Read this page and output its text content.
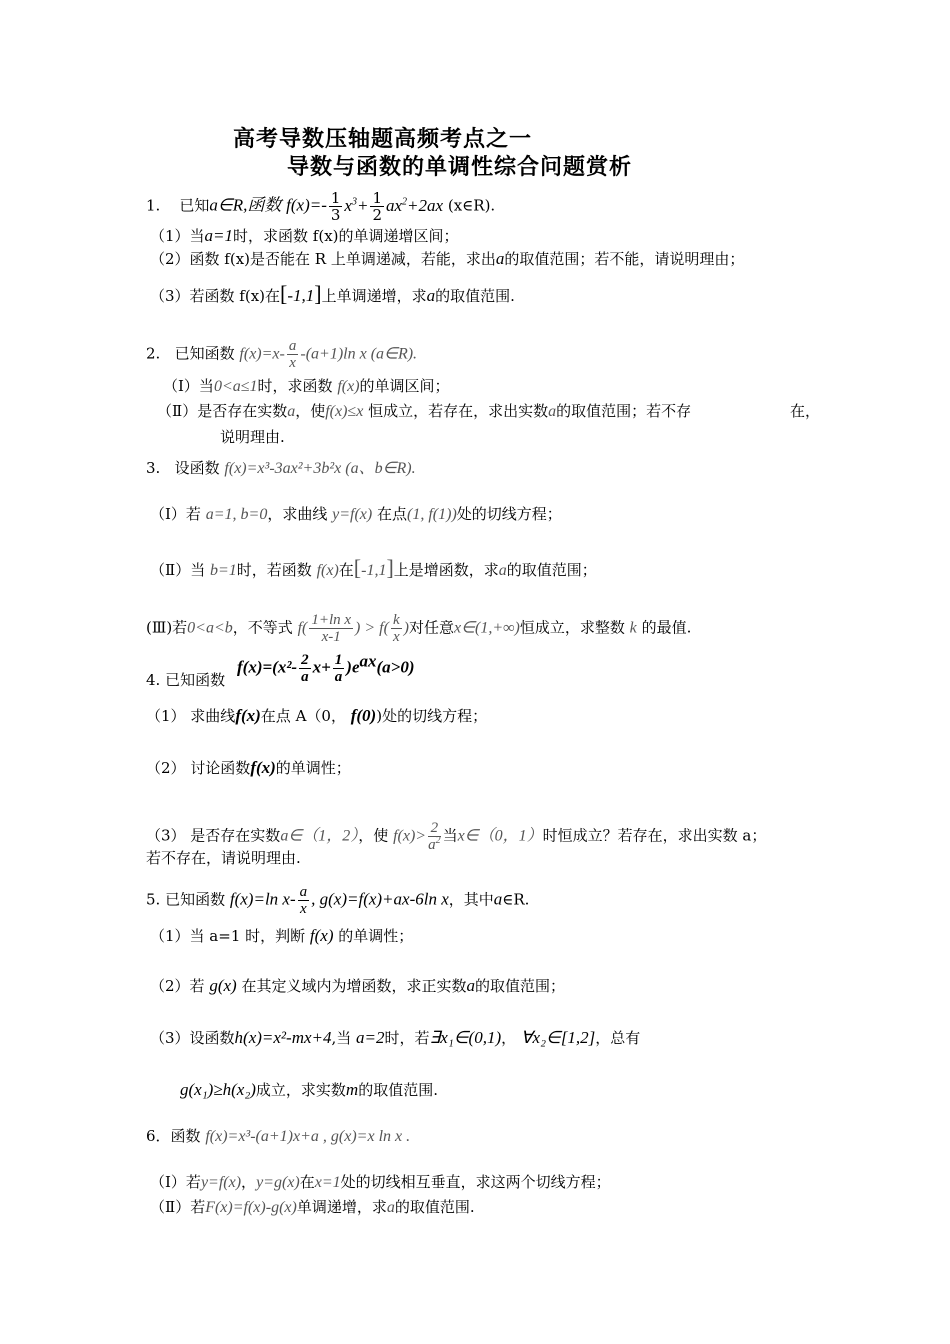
高考导数压轴题高频考点之一
导数与函数的单调性综合问题赏析
1. 已知a∈R,函数 $f(x)=- \frac{1}{3} x^3+ \frac{1}{2} ax^2+2ax$ (x∈R).
（1）当a=1时，求函数 f(x)的单调递增区间；
（2）函数 f(x)是否能在 R 上单调递减，若能，求出a的取值范围；若不能，请说明理由；
（3）若函数 f(x)在[-1,1]上单调递增，求a的取值范围.
2. 已知函数 $f(x)=x- \frac{a}{x} -(a+1)\ln$ x (a∈R).
（Ⅰ）当0<a≤1时，求函数 f(x)的单调区间；
（Ⅱ）是否存在实数a，使f(x)≤x 恒成立，若存在，求出实数a的取值范围；若不存	在，
说明理由.
3. 设函数 f(x)=x³-3ax²+3b²x (a、b∈R).
（Ⅰ）若 a=1, b=0，求曲线 y=f(x) 在点(1, f(1))处的切线方程；
（Ⅱ）当 b=1时，若函数 f(x)在[-1,1]上是增函数，求a的取值范围；
(Ⅲ)若0<a<b，不等式 $f( \frac{\text{1+ln x}}{x-1}$ ) > $f( \frac{k}{x}$ )对任意x∈(1,+∞)恒成立，求整数 k 的最值.
$f(x)=(x^2- \frac{2}{a} x+ \frac{1}{a} )e^{ax}(a>0)$
4. 已知函数
（1） 求曲线f(x)在点 A（0， f(0))处的切线方程；
（2） 讨论函数f(x)的单调性；
（3） 是否存在实数a∈（1，2），使 $f(x)> \frac{2}{a^2}$ 当x∈（0，1）时恒成立？若存在，求出实数 a；
若不存在，请说明理由.
5. 已知函数 f(x)=ln $x- \frac{a}{x}$ , g(x)=f(x)+ax-6ln x，其中a∈R.
（1）当 a=1 时，判断 f(x) 的单调性；
（2）若 g(x) 在其定义域内为增函数，求正实数a的取值范围；
（3）设函数h(x)=x²-mx+4,当 a=2时，若∃x₁∈(0,1)， ∀x₂∈[1,2]，总有
g(x₁)≥h(x₂)成立，求实数m的取值范围.
6．函数 f(x)=x³-(a+1)x+a , g(x)=x ln x .
（Ⅰ）若y=f(x)，y=g(x)在x=1处的切线相互垂直，求这两个切线方程；
（Ⅱ）若F(x)=f(x)-g(x)单调递增，求a的取值范围.
